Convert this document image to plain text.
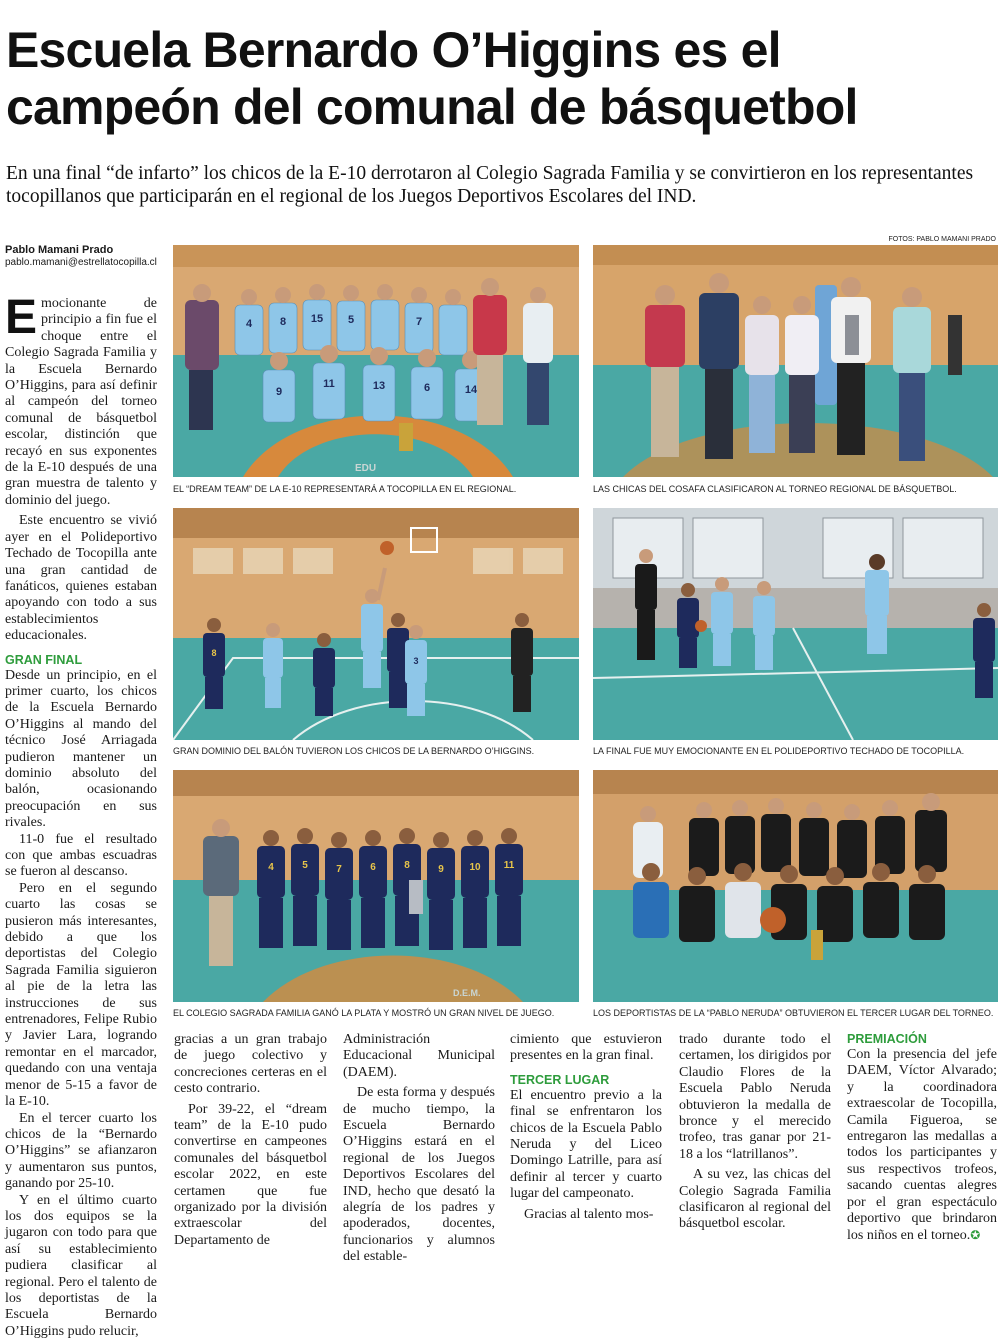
Escuela Bernardo O’Higgins es el campeón del comunal de básquetbol

En una final “de infarto” los chicos de la E-10 derrotaron al Colegio Sagrada Familia y se convirtieron en los representantes tocopillanos que participarán en el regional de los Juegos Deportivos Escolares del IND.

Pablo Mamani Prado
pablo.mamani@estrellatocopilla.cl
FOTOS: PABLO MAMANI PRADO

Emocionante de principio a fin fue el choque entre el Colegio Sagrada Familia y la Escuela Bernardo O’Higgins, para así definir al campeón del torneo comunal de básquetbol escolar, distinción que recayó en sus exponentes de la E-10 después de una gran muestra de talento y dominio del juego.

Este encuentro se vivió ayer en el Polideportivo Techado de Tocopilla ante una gran cantidad de fanáticos, quienes estaban apoyando con todo a sus establecimientos educacionales.

GRAN FINAL

Desde un principio, en el primer cuarto, los chicos de la Escuela Bernardo O’Higgins al mando del técnico José Arriagada pudieron mantener un dominio absoluto del balón, ocasionando preocupación en sus rivales.

11-0 fue el resultado con que ambas escuadras se fueron al descanso.

Pero en el segundo cuarto las cosas se pusieron más interesantes, debido a que los deportistas del Colegio Sagrada Familia siguieron al pie de la letra las instrucciones de sus entrenadores, Felipe Rubio y Javier Lara, logrando remontar en el marcador, quedando con una ventaja menor de 5-15 a favor de la E-10.

En el tercer cuarto los chicos de la “Bernardo O’Higgins” se afianzaron y aumentaron sus puntos, ganando por 25-10.

Y en el último cuarto los dos equipos se la jugaron con todo para que así su establecimiento pudiera clasificar al regional. Pero el talento de los deportistas de la Escuela Bernardo O’Higgins pudo relucir,

gracias a un gran trabajo de juego colectivo y concreciones certeras en el cesto contrario.

Por 39-22, el “dream team” de la E-10 pudo convertirse en campeones comunales del básquetbol escolar 2022, en este certamen que fue organizado por la división extraescolar del Departamento de

Administración Educacional Municipal (DAEM).

De esta forma y después de mucho tiempo, la Escuela Bernardo O’Higgins estará en el regional de los Juegos Deportivos Escolares del IND, hecho que desató la alegría de los padres y apoderados, docentes, funcionarios y alumnos del estable-

cimiento que estuvieron presentes en la gran final.

TERCER LUGAR

El encuentro previo a la final se enfrentaron los chicos de la Escuela Pablo Neruda y del Liceo Domingo Latrille, para así definir al tercer y cuarto lugar del campeonato.

Gracias al talento mos-

trado durante todo el certamen, los dirigidos por Claudio Flores de la Escuela Pablo Neruda obtuvieron la medalla de bronce y el merecido trofeo, tras ganar por 21-18 a los “latrillanos”.

A su vez, las chicas del Colegio Sagrada Familia clasificaron al regional del básquetbol escolar.

PREMIACIÓN

Con la presencia del jefe DAEM, Víctor Alvarado; y la coordinadora extraescolar de Tocopilla, Camila Figueroa, se entregaron las medallas a todos los participantes y sus respectivos trofeos, sacando cuentas alegres por el gran espectáculo deportivo que brindaron los niños en el torneo.✪

EDU
4	8 15 5	7
11	13	6	14
9
EL “DREAM TEAM” DE LA E-10 REPRESENTARÁ A TOCOPILLA EN EL REGIONAL.	LAS CHICAS DEL COSAFA CLASIFICARON AL TORNEO REGIONAL DE BÁSQUETBOL.
8
3
GRAN DOMINIO DEL BALÓN TUVIERON LOS CHICOS DE LA BERNARDO O’HIGGINS.	LA FINAL FUE MUY EMOCIONANTE EN EL POLIDEPORTIVO TECHADO DE TOCOPILLA.
D.E.M.
4	5	7	6	8	9	10 11
EL COLEGIO SAGRADA FAMILIA GANÓ LA PLATA Y MOSTRÓ UN GRAN NIVEL DE JUEGO.	LOS DEPORTISTAS DE LA “PABLO NERUDA” OBTUVIERON EL TERCER LUGAR DEL TORNEO.
